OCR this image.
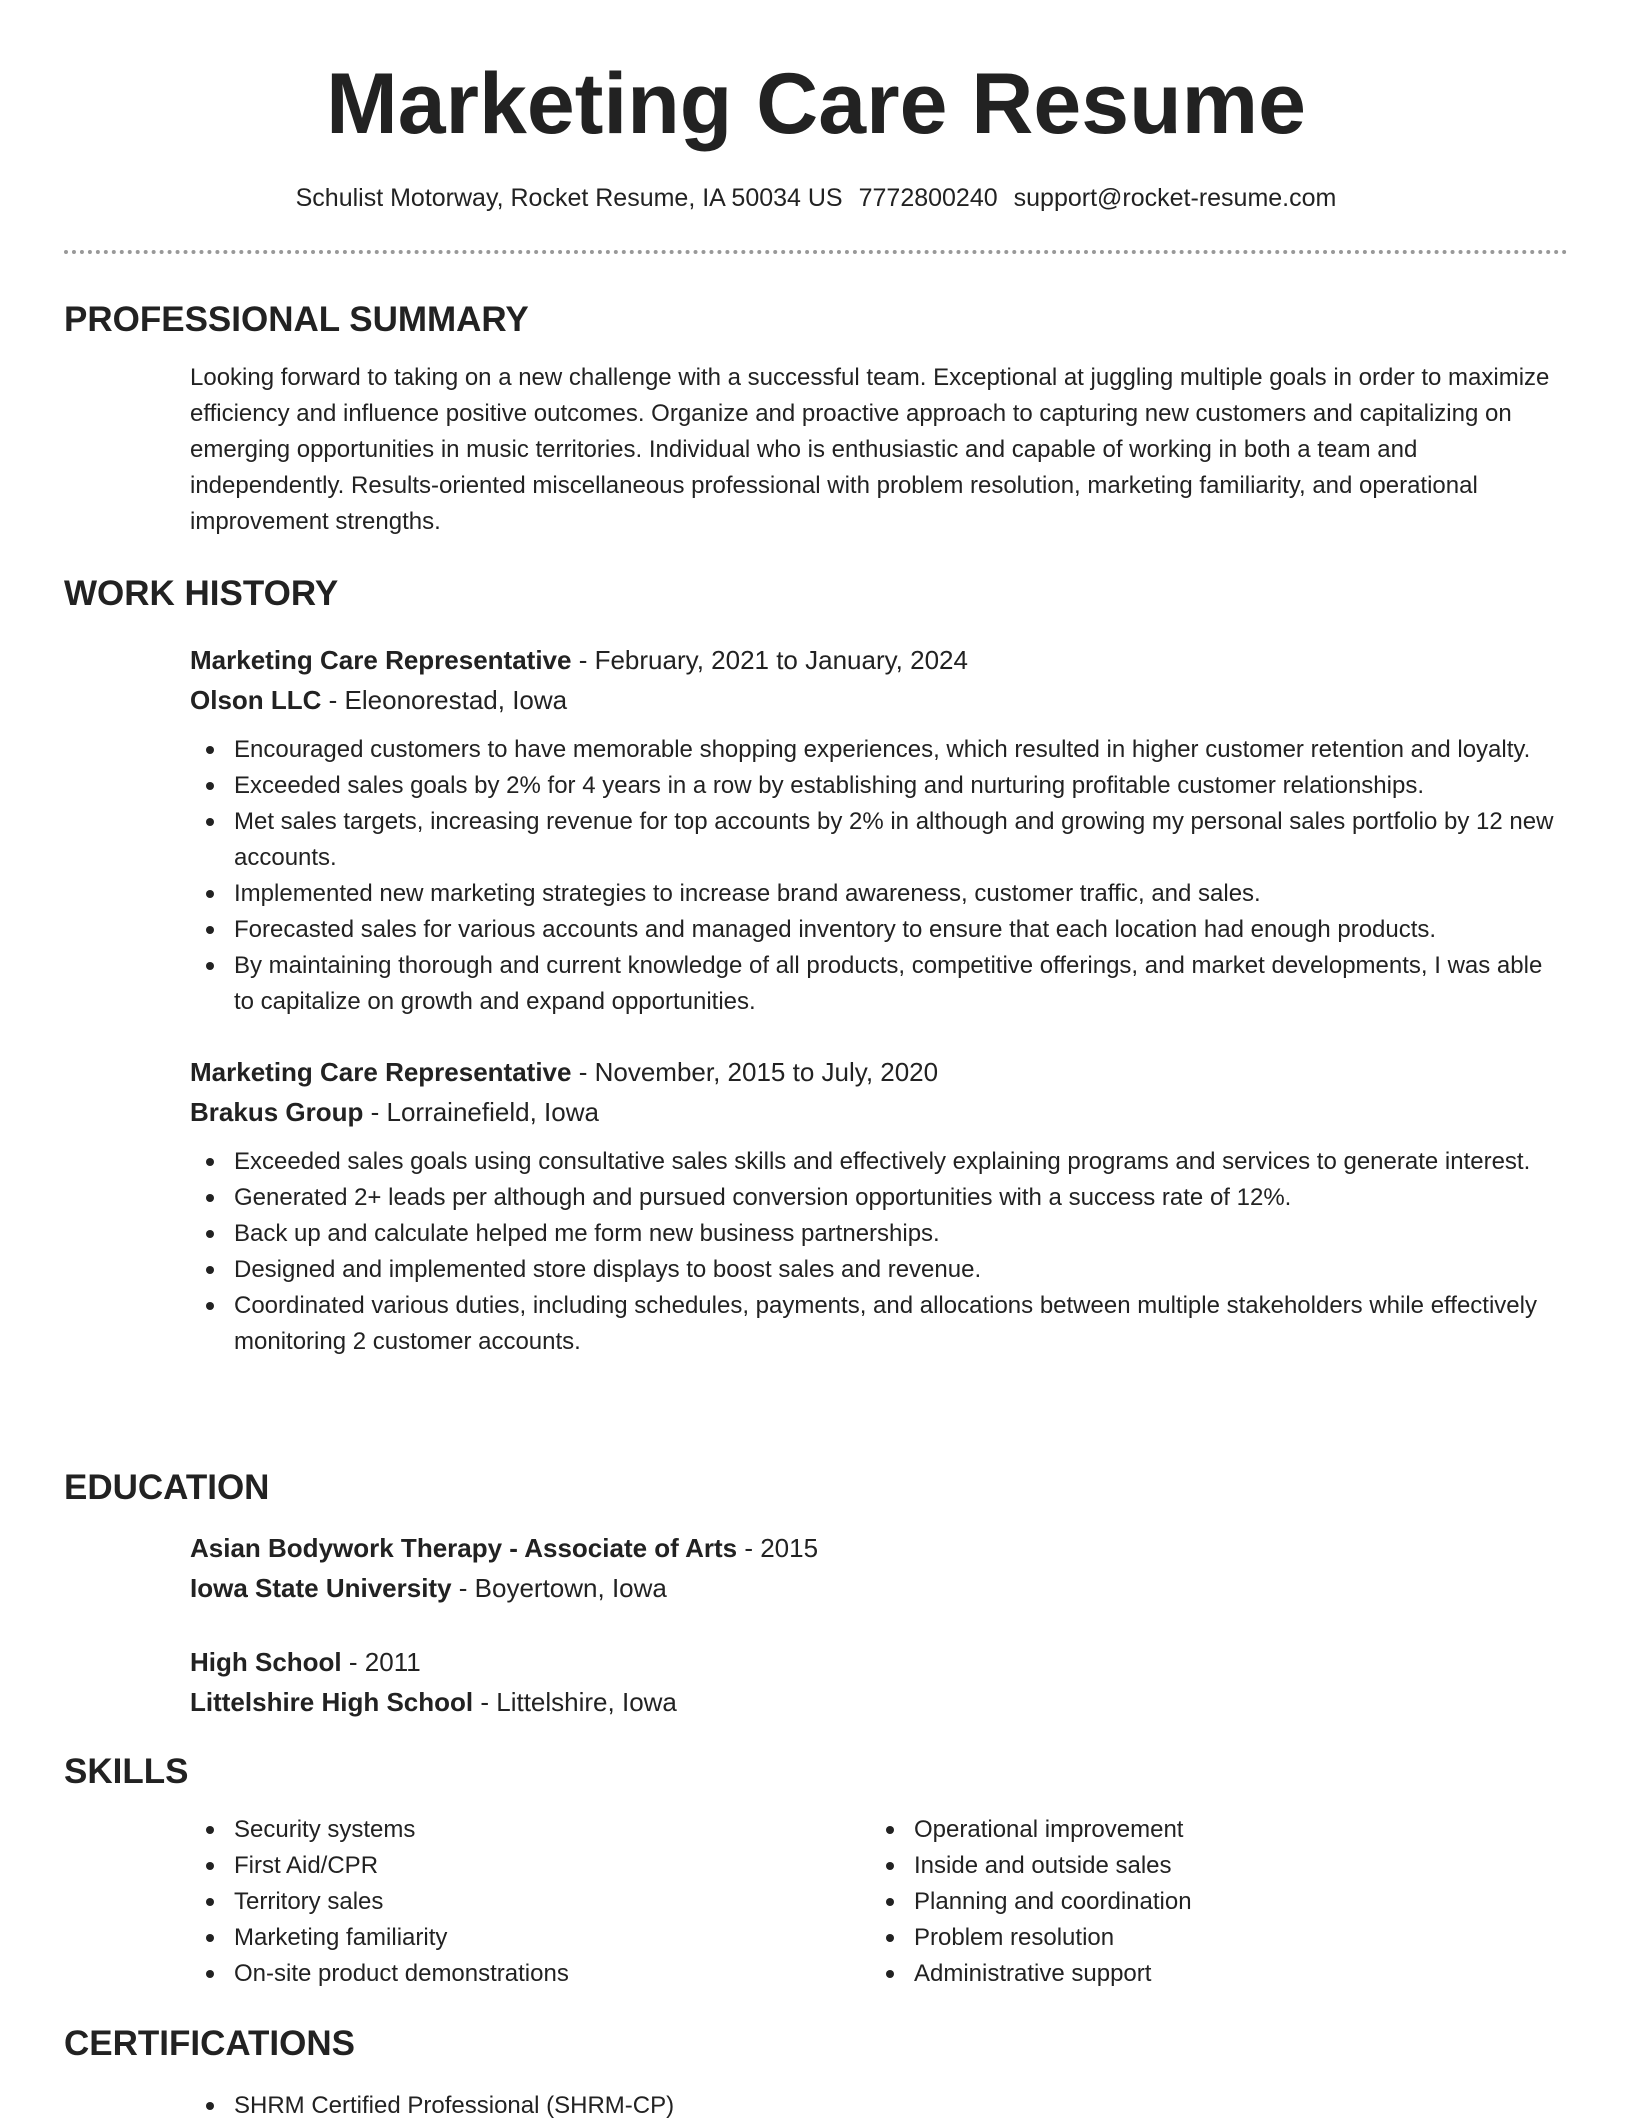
Marketing Care Resume
Schulist Motorway, Rocket Resume, IA 50034 US 7772800240 support@rocket-resume.com
PROFESSIONAL SUMMARY

Looking forward to taking on a new challenge with a successful team. Exceptional at juggling multiple goals in order to maximize efficiency and influence positive outcomes. Organize and proactive approach to capturing new customers and capitalizing on emerging opportunities in music territories. Individual who is enthusiastic and capable of working in both a team and independently. Results-oriented miscellaneous professional with problem resolution, marketing familiarity, and operational improvement strengths.

WORK HISTORY
Marketing Care Representative - February, 2021 to January, 2024
Olson LLC - Eleonorestad, Iowa
Encouraged customers to have memorable shopping experiences, which resulted in higher customer retention and loyalty.
Exceeded sales goals by 2% for 4 years in a row by establishing and nurturing profitable customer relationships.
Met sales targets, increasing revenue for top accounts by 2% in although and growing my personal sales portfolio by 12 new accounts.
Implemented new marketing strategies to increase brand awareness, customer traffic, and sales.
Forecasted sales for various accounts and managed inventory to ensure that each location had enough products.
By maintaining thorough and current knowledge of all products, competitive offerings, and market developments, I was able to capitalize on growth and expand opportunities.
Marketing Care Representative - November, 2015 to July, 2020
Brakus Group - Lorrainefield, Iowa
Exceeded sales goals using consultative sales skills and effectively explaining programs and services to generate interest.
Generated 2+ leads per although and pursued conversion opportunities with a success rate of 12%.
Back up and calculate helped me form new business partnerships.
Designed and implemented store displays to boost sales and revenue.
Coordinated various duties, including schedules, payments, and allocations between multiple stakeholders while effectively monitoring 2 customer accounts.
EDUCATION
Asian Bodywork Therapy - Associate of Arts - 2015
Iowa State University - Boyertown, Iowa
High School - 2011
Littelshire High School - Littelshire, Iowa
SKILLS
Security systems
First Aid/CPR
Territory sales
Marketing familiarity
On-site product demonstrations
Operational improvement
Inside and outside sales
Planning and coordination
Problem resolution
Administrative support
CERTIFICATIONS
SHRM Certified Professional (SHRM-CP)
